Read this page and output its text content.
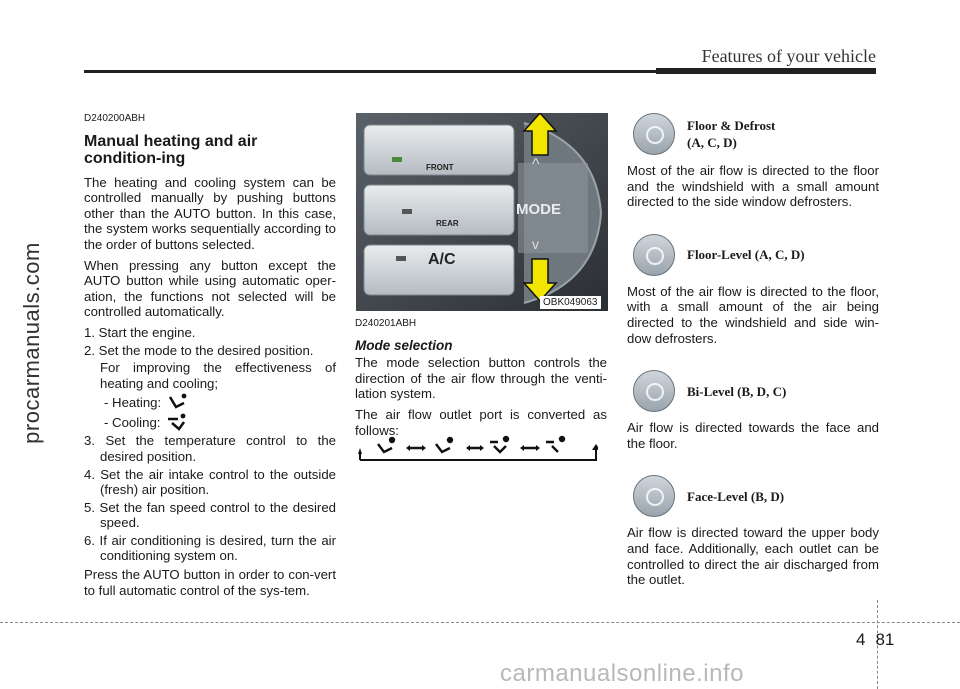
Features of your vehicle
procarmanuals.com
D240200ABH
Manual heating and air condition-ing

The heating and cooling system can be controlled manually by pushing buttons other than the AUTO button. In this case, the system works sequentially according to the order of buttons selected.

When pressing any button except the AUTO button while using automatic oper-ation, the functions not selected will be controlled automatically.

1. Start the engine.
2. Set the mode to the desired position.
For improving the effectiveness of heating and cooling;
- Heating:
- Cooling:
3. Set the temperature control to the desired position.
4. Set the air intake control to the outside (fresh) air position.
5. Set the fan speed control to the desired speed.
6. If air conditioning is desired, turn the air conditioning system on.

Press the AUTO button in order to con-vert to full automatic control of the sys-tem.

^
v
FRONT
REAR
A/C
MODE
OBK049063
D240201ABH
Mode selection

The mode selection button controls the direction of the air flow through the venti-lation system.

The air flow outlet port is converted as follows:

Floor & Defrost
(A, C, D)

Most of the air flow is directed to the floor and the windshield with a small amount directed to the side window defrosters.

Floor-Level (A, C, D)

Most of the air flow is directed to the floor, with a small amount of the air being directed to the windshield and side win-dow defrosters.

Bi-Level (B, D, C)

Air flow is directed towards the face and the floor.

Face-Level (B, D)

Air flow is directed toward the upper body and face. Additionally, each outlet can be controlled to direct the air discharged from the outlet.

4 81
carmanualsonline.info
